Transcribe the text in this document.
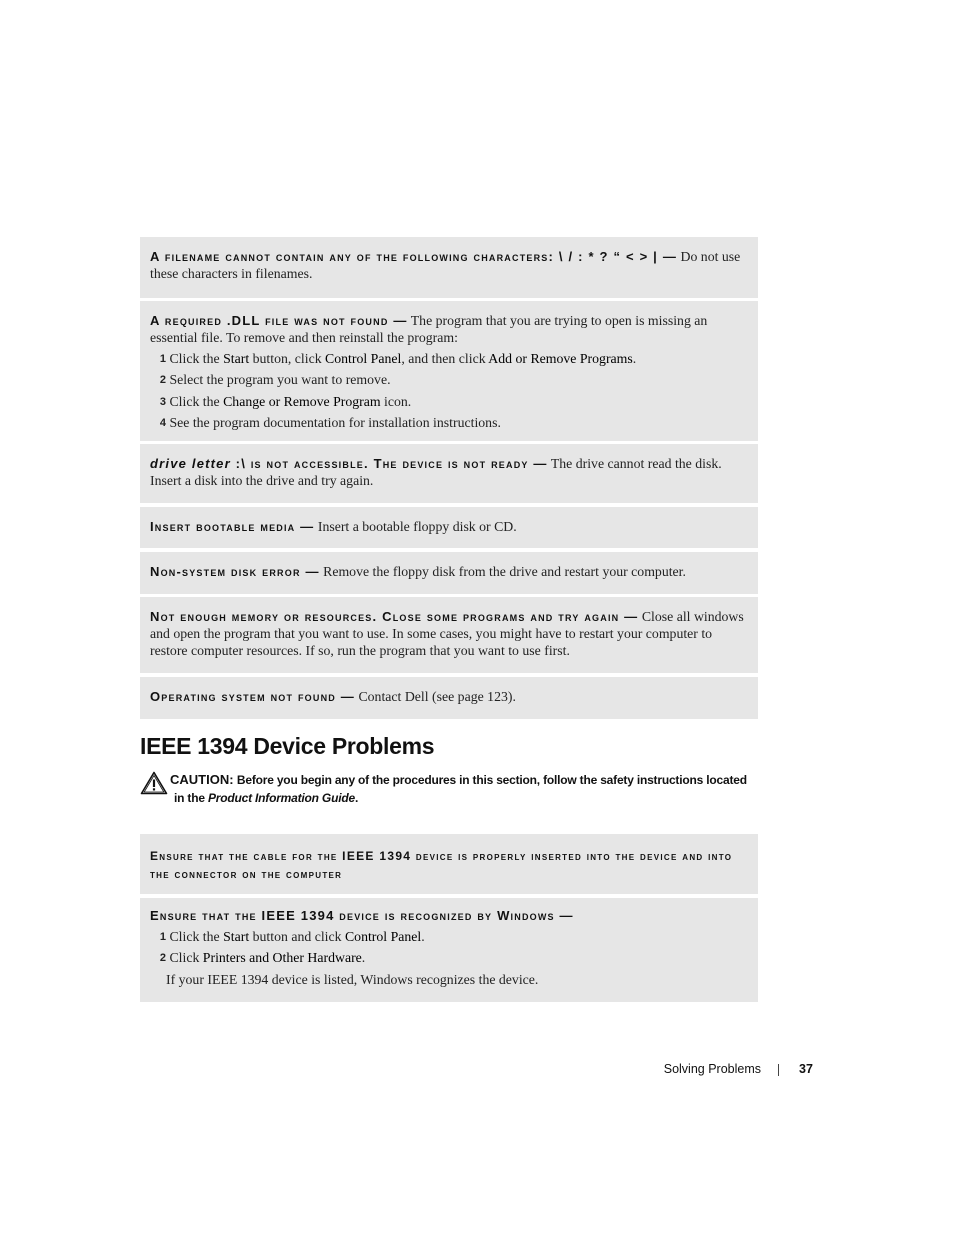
A filename cannot contain any of the following characters: \ / : * ? “ < > | — Do not use these characters in filenames.
A required .DLL file was not found — The program that you are trying to open is missing an essential file. To remove and then reinstall the program:
1 Click the Start button, click Control Panel, and then click Add or Remove Programs.
2 Select the program you want to remove.
3 Click the Change or Remove Program icon.
4 See the program documentation for installation instructions.
drive letter :\ is not accessible. The device is not ready — The drive cannot read the disk. Insert a disk into the drive and try again.
Insert bootable media — Insert a bootable floppy disk or CD.
Non-system disk error — Remove the floppy disk from the drive and restart your computer.
Not enough memory or resources. Close some programs and try again — Close all windows and open the program that you want to use. In some cases, you might have to restart your computer to restore computer resources. If so, run the program that you want to use first.
Operating system not found — Contact Dell (see page 123).
IEEE 1394 Device Problems
CAUTION: Before you begin any of the procedures in this section, follow the safety instructions located
in the Product Information Guide.
Ensure that the cable for the IEEE 1394 device is properly inserted into the device and into the connector on the computer
Ensure that the IEEE 1394 device is recognized by Windows —
1 Click the Start button and click Control Panel.
2 Click Printers and Other Hardware.
If your IEEE 1394 device is listed, Windows recognizes the device.
Solving Problems	37
